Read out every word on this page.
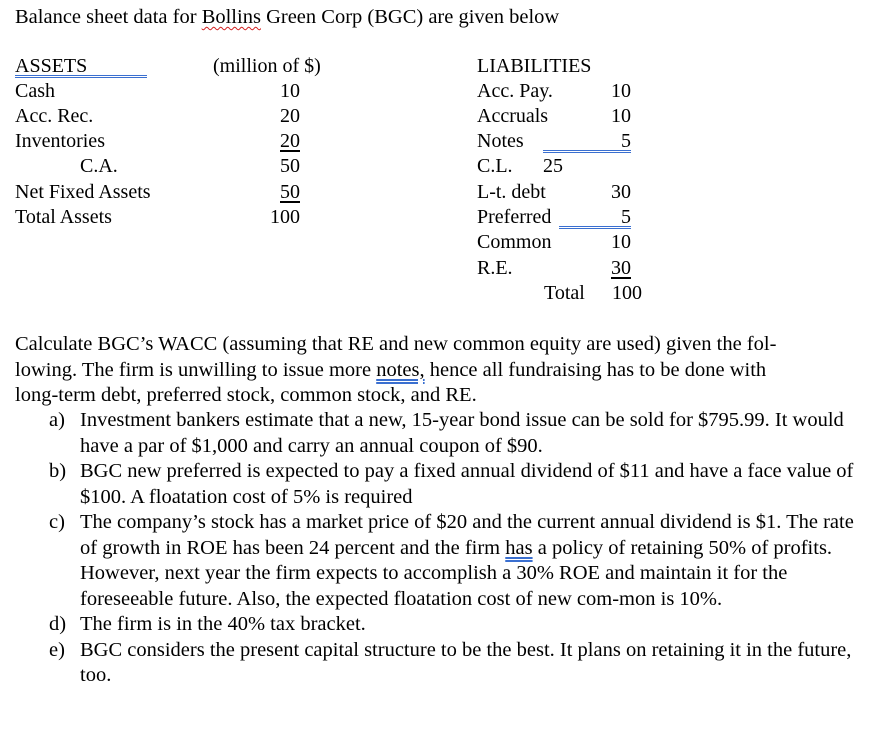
Balance sheet data for Bollins Green Corp (BGC) are given below
ASSETS	(million of $)
Cash	10
Acc. Rec.	20
Inventories	20
C.A.	50
Net Fixed Assets	50
Total Assets	100
LIABILITIES
Acc. Pay.	10
Accruals	10
Notes	5
C.L. 25
L-t. debt	30
Preferred	5
Common	10
R.E.	30
Total	100
Calculate BGC’s WACC (assuming that RE and new common equity are used) given the fol-
lowing. The firm is unwilling to issue more notes, hence all fundraising has to be done with
long-term debt, preferred stock, common stock, and RE.
a) Investment bankers estimate that a new, 15-year bond issue can be sold for $795.99. It would have a par of $1,000 and carry an annual coupon of $90.
b) BGC new preferred is expected to pay a fixed annual dividend of $11 and have a face value of $100. A floatation cost of 5% is required
c) The company’s stock has a market price of $20 and the current annual dividend is $1. The rate of growth in ROE has been 24 percent and the firm has a policy of retaining 50% of profits. However, next year the firm expects to accomplish a 30% ROE and maintain it for the foreseeable future. Also, the expected floatation cost of new com-mon is 10%.
d) The firm is in the 40% tax bracket.
e) BGC considers the present capital structure to be the best. It plans on retaining it in the future, too.
